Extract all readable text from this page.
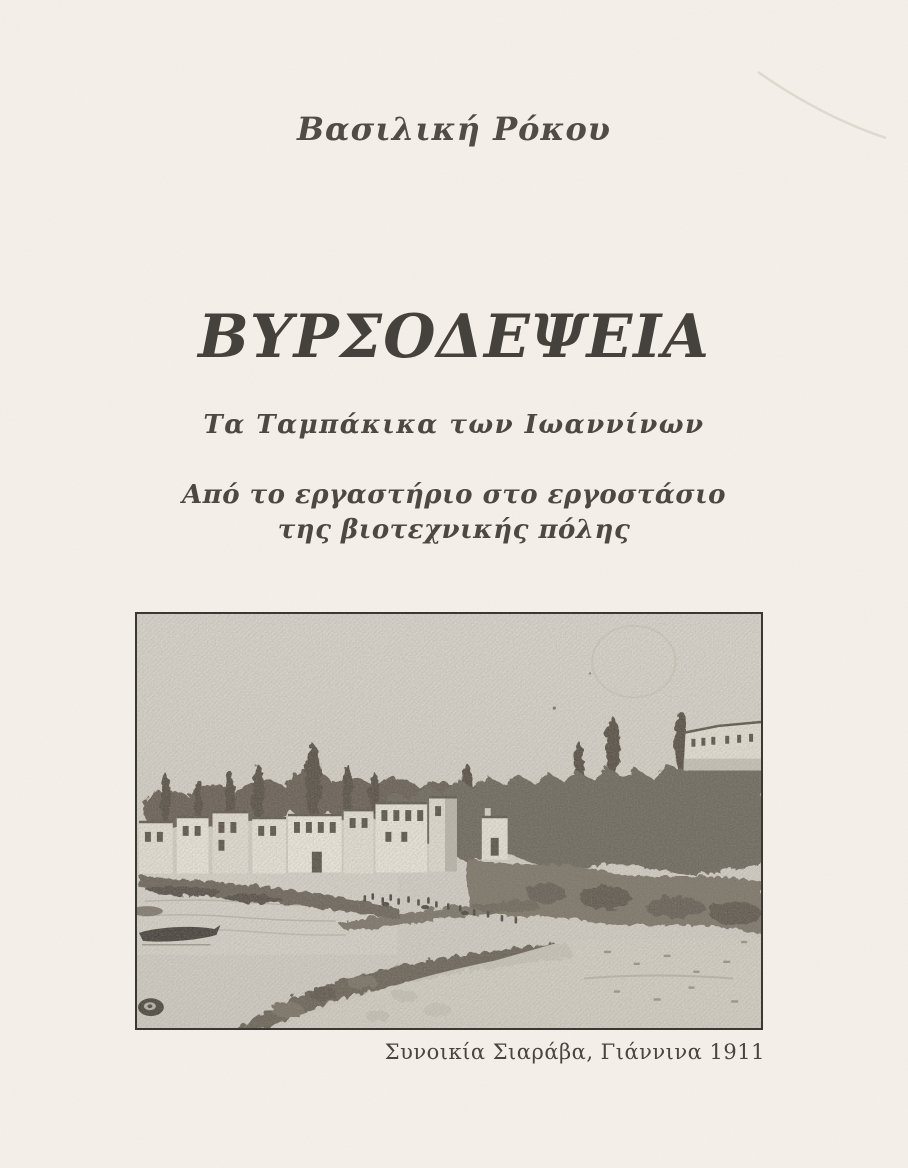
Βασιλική Ρόκου
ΒΥΡΣΟΔΕΨΕΙΑ
Τα Ταμπάκικα των Ιωαννίνων
Από το εργαστήριο στο εργοστάσιο
της βιοτεχνικής πόλης
Συνοικία Σιαράβα, Γιάννινα 1911
